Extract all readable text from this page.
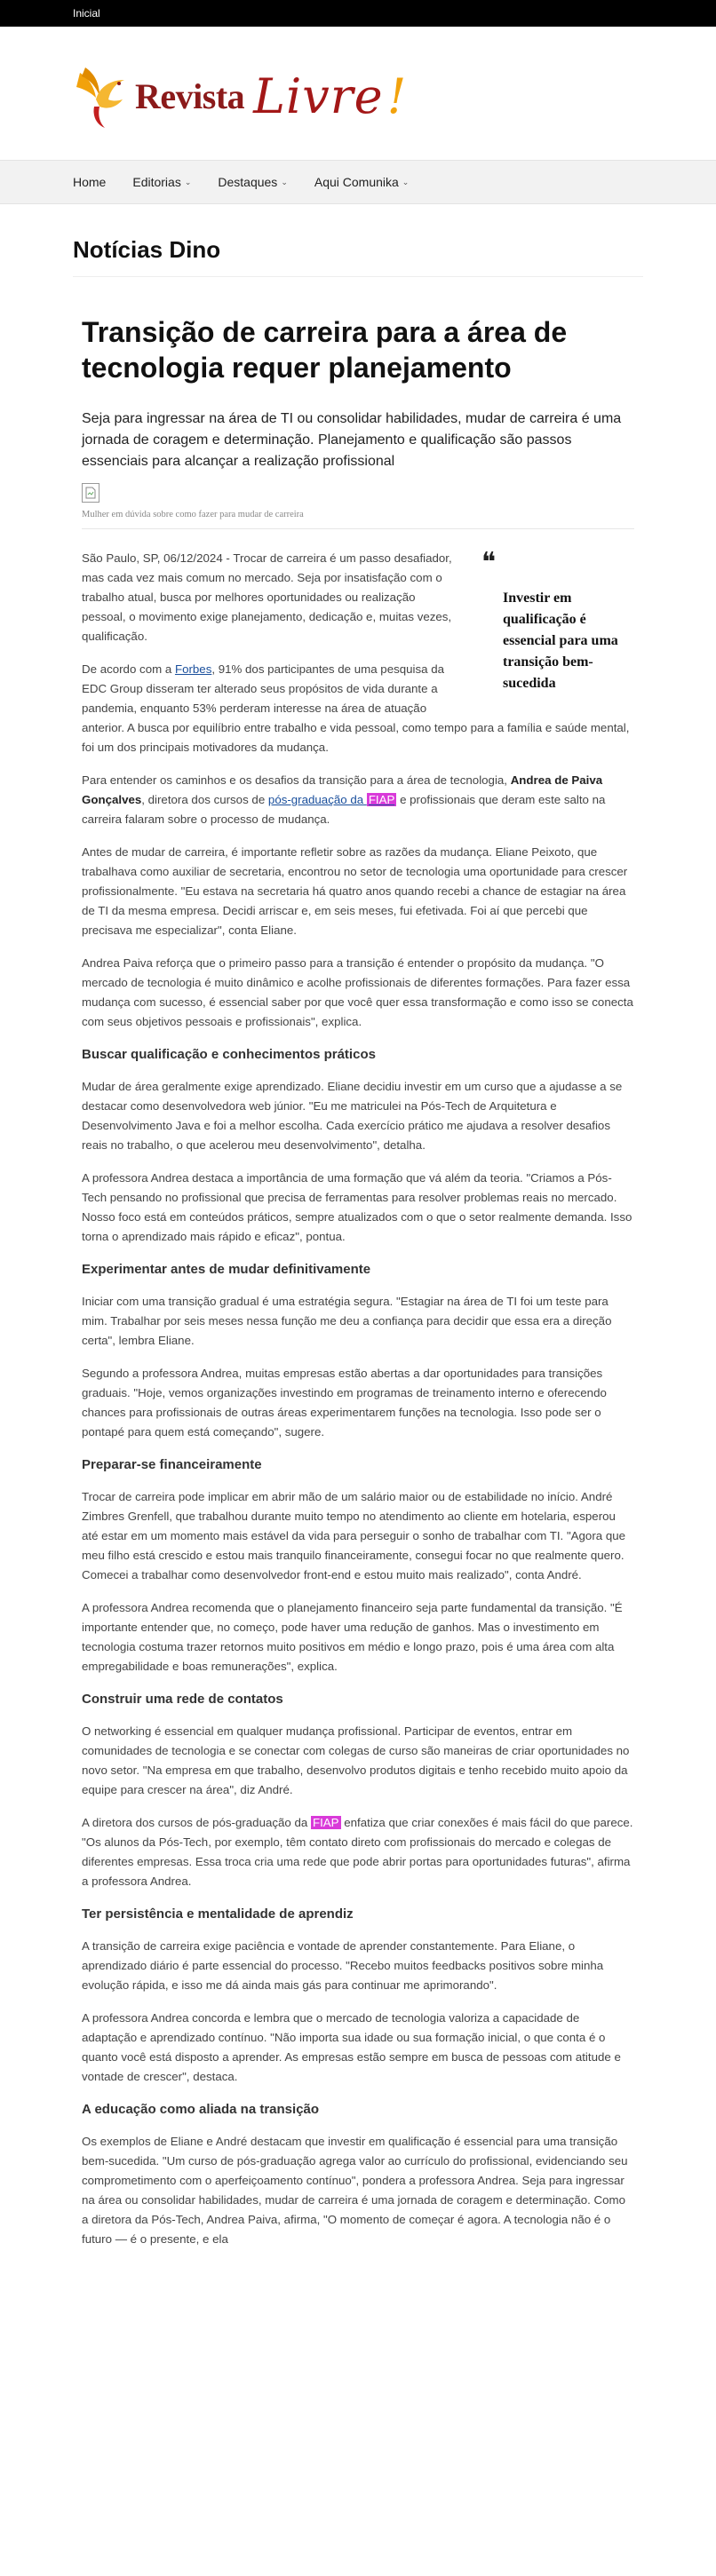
Inicial
Revista Livre !
Home Editorias ⌄ Destaques ⌄ Aqui Comunika ⌄
Notícias Dino
Transição de carreira para a área de tecnologia requer planejamento

Seja para ingressar na área de TI ou consolidar habilidades, mudar de carreira é uma jornada de coragem e determinação. Planejamento e qualificação são passos essenciais para alcançar a realização profissional

Mulher em dúvida sobre como fazer para mudar de carreira
❝
Investir em qualificação é essencial para uma transição bem-sucedida

São Paulo, SP, 06/12/2024 - Trocar de carreira é um passo desafiador, mas cada vez mais comum no mercado. Seja por insatisfação com o trabalho atual, busca por melhores oportunidades ou realização pessoal, o movimento exige planejamento, dedicação e, muitas vezes, qualificação.

De acordo com a Forbes, 91% dos participantes de uma pesquisa da EDC Group disseram ter alterado seus propósitos de vida durante a pandemia, enquanto 53% perderam interesse na área de atuação anterior. A busca por equilíbrio entre trabalho e vida pessoal, como tempo para a família e saúde mental, foi um dos principais motivadores da mudança.

Para entender os caminhos e os desafios da transição para a área de tecnologia, Andrea de Paiva Gonçalves, diretora dos cursos de pós-graduação da FIAP e profissionais que deram este salto na carreira falaram sobre o processo de mudança.

Antes de mudar de carreira, é importante refletir sobre as razões da mudança. Eliane Peixoto, que trabalhava como auxiliar de secretaria, encontrou no setor de tecnologia uma oportunidade para crescer profissionalmente. "Eu estava na secretaria há quatro anos quando recebi a chance de estagiar na área de TI da mesma empresa. Decidi arriscar e, em seis meses, fui efetivada. Foi aí que percebi que precisava me especializar", conta Eliane.

Andrea Paiva reforça que o primeiro passo para a transição é entender o propósito da mudança. "O mercado de tecnologia é muito dinâmico e acolhe profissionais de diferentes formações. Para fazer essa mudança com sucesso, é essencial saber por que você quer essa transformação e como isso se conecta com seus objetivos pessoais e profissionais", explica.

Buscar qualificação e conhecimentos práticos

Mudar de área geralmente exige aprendizado. Eliane decidiu investir em um curso que a ajudasse a se destacar como desenvolvedora web júnior. "Eu me matriculei na Pós-Tech de Arquitetura e Desenvolvimento Java e foi a melhor escolha. Cada exercício prático me ajudava a resolver desafios reais no trabalho, o que acelerou meu desenvolvimento", detalha.

A professora Andrea destaca a importância de uma formação que vá além da teoria. "Criamos a Pós-Tech pensando no profissional que precisa de ferramentas para resolver problemas reais no mercado. Nosso foco está em conteúdos práticos, sempre atualizados com o que o setor realmente demanda. Isso torna o aprendizado mais rápido e eficaz", pontua.

Experimentar antes de mudar definitivamente

Iniciar com uma transição gradual é uma estratégia segura. "Estagiar na área de TI foi um teste para mim. Trabalhar por seis meses nessa função me deu a confiança para decidir que essa era a direção certa", lembra Eliane.

Segundo a professora Andrea, muitas empresas estão abertas a dar oportunidades para transições graduais. "Hoje, vemos organizações investindo em programas de treinamento interno e oferecendo chances para profissionais de outras áreas experimentarem funções na tecnologia. Isso pode ser o pontapé para quem está começando", sugere.

Preparar-se financeiramente

Trocar de carreira pode implicar em abrir mão de um salário maior ou de estabilidade no início. André Zimbres Grenfell, que trabalhou durante muito tempo no atendimento ao cliente em hotelaria, esperou até estar em um momento mais estável da vida para perseguir o sonho de trabalhar com TI. "Agora que meu filho está crescido e estou mais tranquilo financeiramente, consegui focar no que realmente quero. Comecei a trabalhar como desenvolvedor front-end e estou muito mais realizado", conta André.

A professora Andrea recomenda que o planejamento financeiro seja parte fundamental da transição. "É importante entender que, no começo, pode haver uma redução de ganhos. Mas o investimento em tecnologia costuma trazer retornos muito positivos em médio e longo prazo, pois é uma área com alta empregabilidade e boas remunerações", explica.

Construir uma rede de contatos

O networking é essencial em qualquer mudança profissional. Participar de eventos, entrar em comunidades de tecnologia e se conectar com colegas de curso são maneiras de criar oportunidades no novo setor. "Na empresa em que trabalho, desenvolvo produtos digitais e tenho recebido muito apoio da equipe para crescer na área", diz André.

A diretora dos cursos de pós-graduação da FIAP enfatiza que criar conexões é mais fácil do que parece. "Os alunos da Pós-Tech, por exemplo, têm contato direto com profissionais do mercado e colegas de diferentes empresas. Essa troca cria uma rede que pode abrir portas para oportunidades futuras", afirma a professora Andrea.

Ter persistência e mentalidade de aprendiz

A transição de carreira exige paciência e vontade de aprender constantemente. Para Eliane, o aprendizado diário é parte essencial do processo. "Recebo muitos feedbacks positivos sobre minha evolução rápida, e isso me dá ainda mais gás para continuar me aprimorando".

A professora Andrea concorda e lembra que o mercado de tecnologia valoriza a capacidade de adaptação e aprendizado contínuo. "Não importa sua idade ou sua formação inicial, o que conta é o quanto você está disposto a aprender. As empresas estão sempre em busca de pessoas com atitude e vontade de crescer", destaca.

A educação como aliada na transição

Os exemplos de Eliane e André destacam que investir em qualificação é essencial para uma transição bem-sucedida. "Um curso de pós-graduação agrega valor ao currículo do profissional, evidenciando seu comprometimento com o aperfeiçoamento contínuo", pondera a professora Andrea. Seja para ingressar na área ou consolidar habilidades, mudar de carreira é uma jornada de coragem e determinação. Como a diretora da Pós-Tech, Andrea Paiva, afirma, "O momento de começar é agora. A tecnologia não é o futuro — é o presente, e ela
